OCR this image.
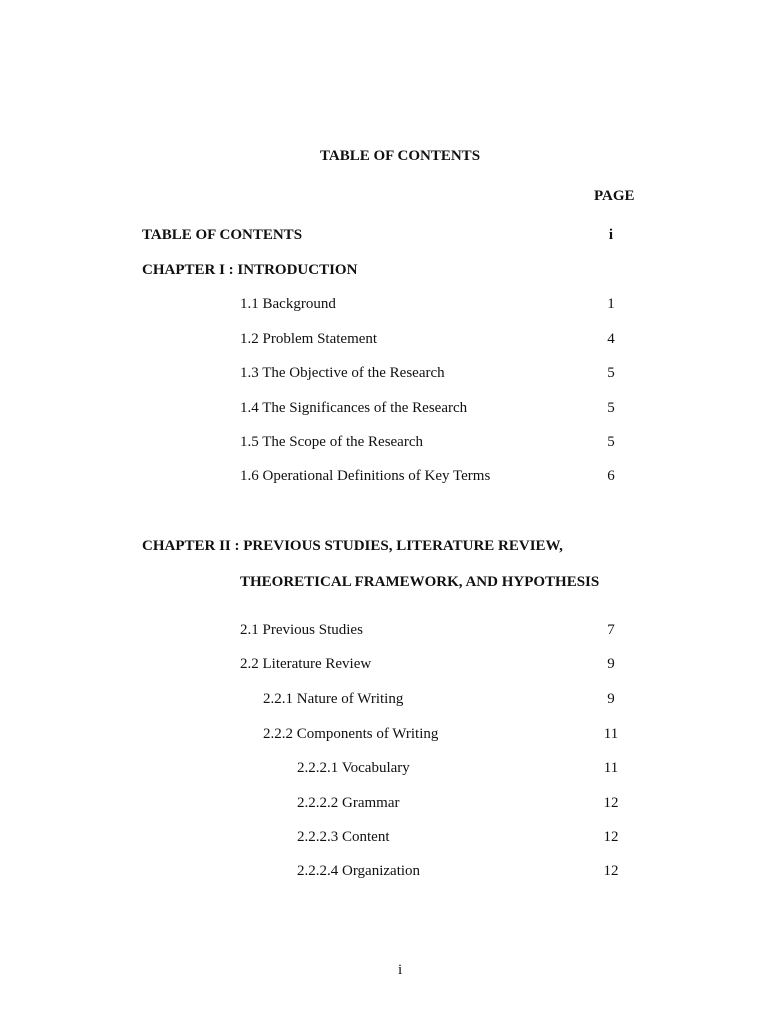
TABLE OF CONTENTS
PAGE
TABLE OF CONTENTS	i
CHAPTER I : INTRODUCTION
1.1 Background	1
1.2 Problem Statement	4
1.3 The Objective of the Research	5
1.4 The Significances of the Research	5
1.5 The Scope of the Research	5
1.6 Operational Definitions of Key Terms	6
CHAPTER II : PREVIOUS STUDIES, LITERATURE REVIEW,
THEORETICAL FRAMEWORK, AND HYPOTHESIS
2.1 Previous Studies	7
2.2 Literature Review	9
2.2.1 Nature of Writing	9
2.2.2 Components of Writing	11
2.2.2.1 Vocabulary	11
2.2.2.2 Grammar	12
2.2.2.3 Content	12
2.2.2.4 Organization	12
i
